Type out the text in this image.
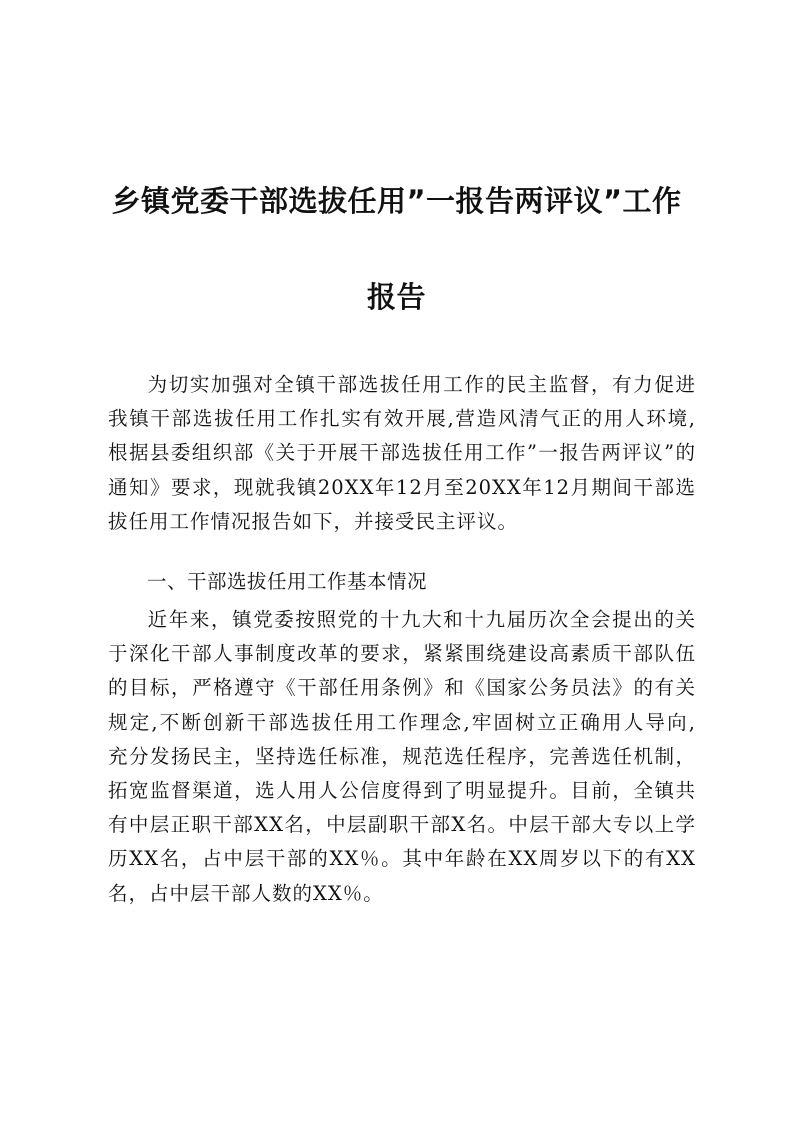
乡镇党委干部选拔任用”一报告两评议”工作
报告
为切实加强对全镇干部选拔任用工作的民主监督，有力促进
我镇干部选拔任用工作扎实有效开展,营造风清气正的用人环境,
根据县委组织部《关于开展干部选拔任用工作”一报告两评议”的
通知》要求，现就我镇20XX年12月至20XX年12月期间干部选
拔任用工作情况报告如下，并接受民主评议。
一、干部选拔任用工作基本情况
近年来，镇党委按照党的十九大和十九届历次全会提出的关
于深化干部人事制度改革的要求，紧紧围绕建设高素质干部队伍
的目标，严格遵守《干部任用条例》和《国家公务员法》的有关
规定,不断创新干部选拔任用工作理念,牢固树立正确用人导向,
充分发扬民主，坚持选任标准，规范选任程序，完善选任机制，
拓宽监督渠道，选人用人公信度得到了明显提升。目前，全镇共
有中层正职干部XX名，中层副职干部X名。中层干部大专以上学
历XX名，占中层干部的XX％。其中年龄在XX周岁以下的有XX
名，占中层干部人数的XX％。
